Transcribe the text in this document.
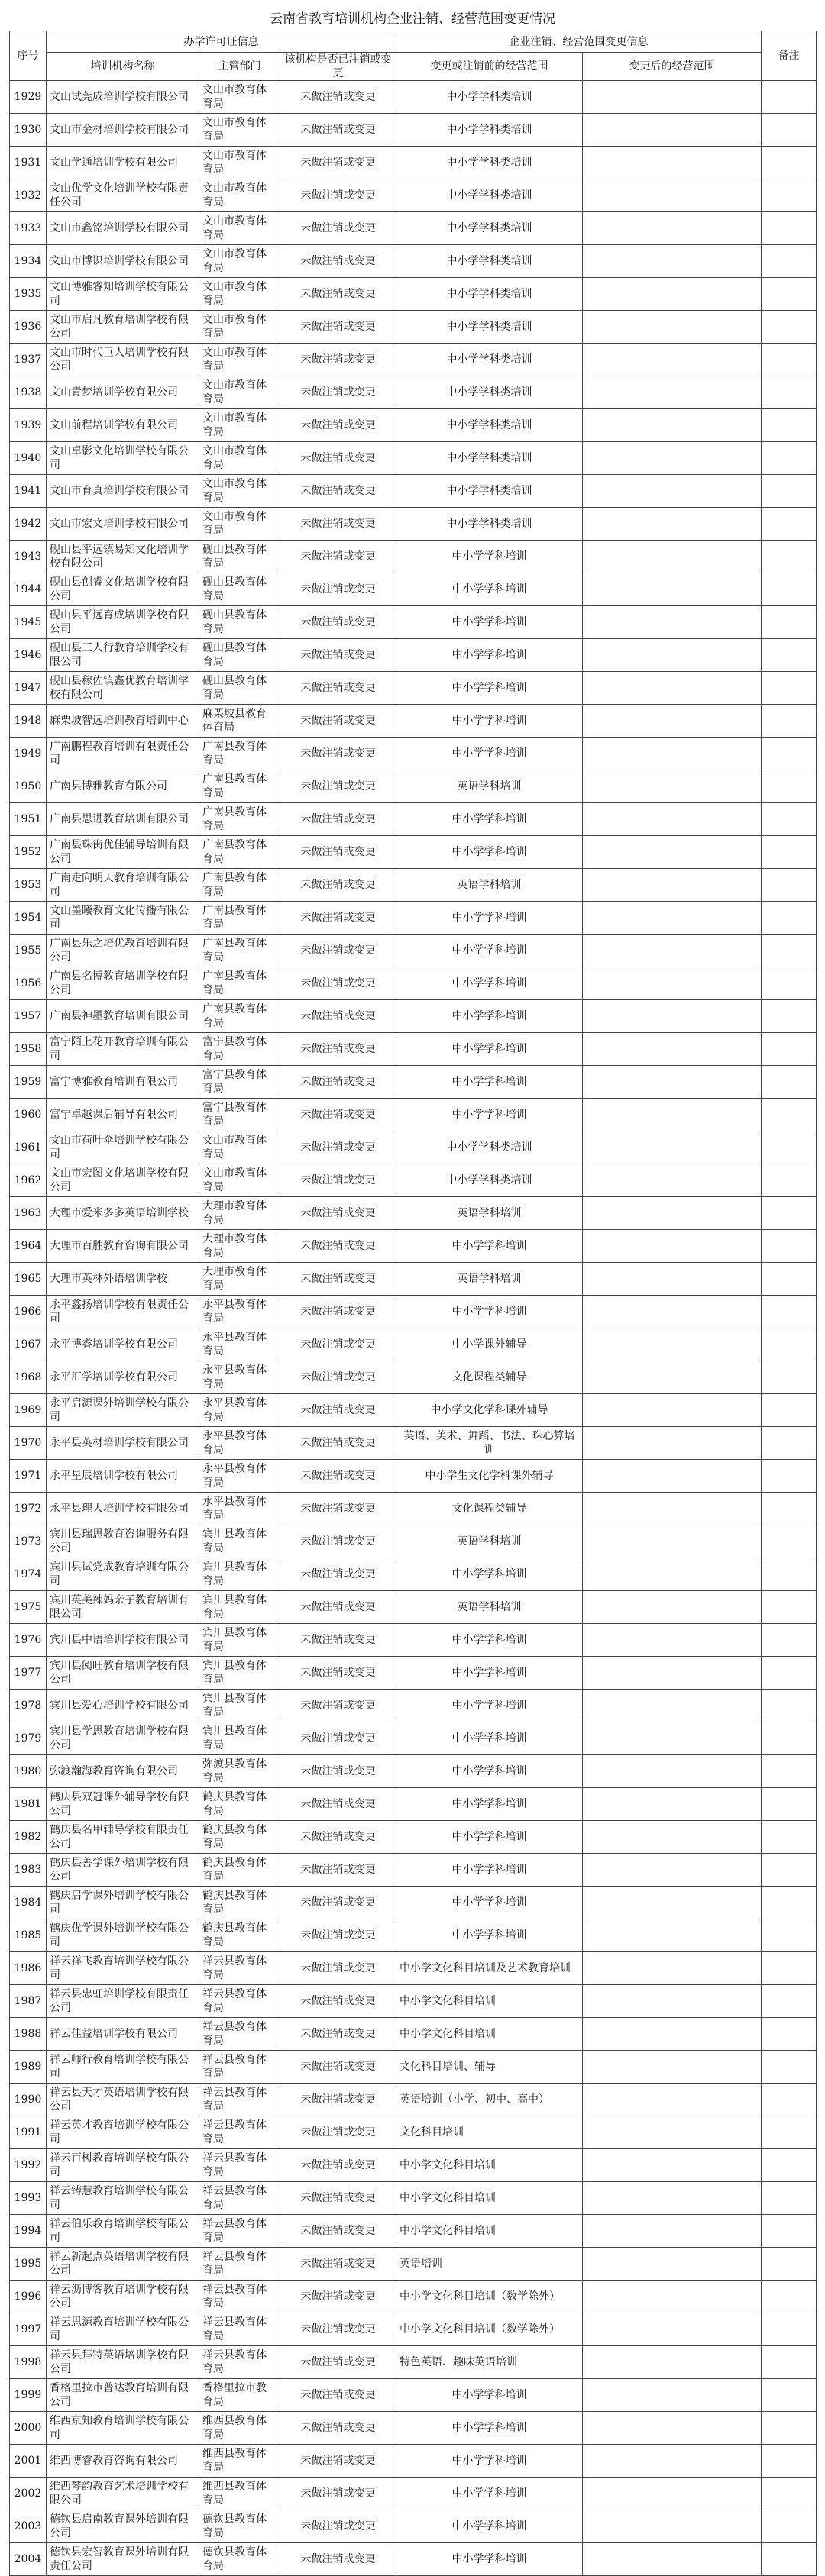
云南省教育培训机构企业注销、经营范围变更情况
序号	办学许可证信息			企业注销、经营范围变更信息		备注
	培训机构名称	主管部门	该机构是否已注销或变更	变更或注销前的经营范围	变更后的经营范围	
1929	文山试莞成培训学校有限公司	文山市教育体育局	未做注销或变更	中小学学科类培训		
1930	文山市金材培训学校有限公司	文山市教育体育局	未做注销或变更	中小学学科类培训		
1931	文山学通培训学校有限公司	文山市教育体育局	未做注销或变更	中小学学科类培训		
1932	文山优学文化培训学校有限责任公司	文山市教育体育局	未做注销或变更	中小学学科类培训		
1933	文山市鑫铭培训学校有限公司	文山市教育体育局	未做注销或变更	中小学学科类培训		
1934	文山市博识培训学校有限公司	文山市教育体育局	未做注销或变更	中小学学科类培训		
1935	文山博雅睿知培训学校有限公司	文山市教育体育局	未做注销或变更	中小学学科类培训		
1936	文山市启凡教育培训学校有限公司	文山市教育体育局	未做注销或变更	中小学学科类培训		
1937	文山市时代巨人培训学校有限公司	文山市教育体育局	未做注销或变更	中小学学科类培训		
1938	文山青梦培训学校有限公司	文山市教育体育局	未做注销或变更	中小学学科类培训		
1939	文山前程培训学校有限公司	文山市教育体育局	未做注销或变更	中小学学科类培训		
1940	文山卓影文化培训学校有限公司	文山市教育体育局	未做注销或变更	中小学学科类培训		
1941	文山市育真培训学校有限公司	文山市教育体育局	未做注销或变更	中小学学科类培训		
1942	文山市宏文培训学校有限公司	文山市教育体育局	未做注销或变更	中小学学科类培训		
1943	砚山县平远镇易知文化培训学校有限公司	砚山县教育体育局	未做注销或变更	中小学学科培训		
1944	砚山县创睿文化培训学校有限公司	砚山县教育体育局	未做注销或变更	中小学学科培训		
1945	砚山县平远育成培训学校有限公司	砚山县教育体育局	未做注销或变更	中小学学科培训		
1946	砚山县三人行教育培训学校有限公司	砚山县教育体育局	未做注销或变更	中小学学科培训		
1947	砚山县稼佐镇鑫优教育培训学校有限公司	砚山县教育体育局	未做注销或变更	中小学学科培训		
1948	麻栗坡智远培训教育培训中心	麻栗坡县教育体育局	未做注销或变更	中小学学科培训		
1949	广南鹏程教育培训有限责任公司	广南县教育体育局	未做注销或变更	中小学学科培训		
1950	广南县博雅教育有限公司	广南县教育体育局	未做注销或变更	英语学科培训		
1951	广南县思进教育培训有限公司	广南县教育体育局	未做注销或变更	中小学学科培训		
1952	广南县珠街优佳辅导培训有限公司	广南县教育体育局	未做注销或变更	中小学学科培训		
1953	广南走向明天教育培训有限公司	广南县教育体育局	未做注销或变更	英语学科培训		
1954	文山墨曦教育文化传播有限公司	广南县教育体育局	未做注销或变更	中小学学科培训		
1955	广南县乐之培优教育培训有限公司	广南县教育体育局	未做注销或变更	中小学学科培训		
1956	广南县名博教育培训学校有限公司	广南县教育体育局	未做注销或变更	中小学学科培训		
1957	广南县神墨教育培训有限公司	广南县教育体育局	未做注销或变更	中小学学科培训		
1958	富宁陌上花开教育培训有限公司	富宁县教育体育局	未做注销或变更	中小学学科培训		
1959	富宁博雅教育培训有限公司	富宁县教育体育局	未做注销或变更	中小学学科培训		
1960	富宁卓越课后辅导有限公司	富宁县教育体育局	未做注销或变更	中小学学科培训		
1961	文山市荷叶伞培训学校有限公司	文山市教育体育局	未做注销或变更	中小学学科类培训		
1962	文山市宏图文化培训学校有限公司	文山市教育体育局	未做注销或变更	中小学学科类培训		
1963	大理市爱米多多英语培训学校	大理市教育体育局	未做注销或变更	英语学科培训		
1964	大理市百胜教育咨询有限公司	大理市教育体育局	未做注销或变更	中小学学科培训		
1965	大理市英林外语培训学校	大理市教育体育局	未做注销或变更	英语学科培训		
1966	永平鑫扬培训学校有限责任公司	永平县教育体育局	未做注销或变更	中小学学科培训		
1967	永平博睿培训学校有限公司	永平县教育体育局	未做注销或变更	中小学课外辅导		
1968	永平汇学培训学校有限公司	永平县教育体育局	未做注销或变更	文化课程类辅导		
1969	永平启源课外培训学校有限公司	永平县教育体育局	未做注销或变更	中小学文化学科课外辅导		
1970	永平县英材培训学校有限公司	永平县教育体育局	未做注销或变更	英语、美术、舞蹈、书法、珠心算培训		
1971	永平星辰培训学校有限公司	永平县教育体育局	未做注销或变更	中小学生文化学科课外辅导		
1972	永平县理大培训学校有限公司	永平县教育体育局	未做注销或变更	文化课程类辅导		
1973	宾川县瑞思教育咨询服务有限公司	宾川县教育体育局	未做注销或变更	英语学科培训		
1974	宾川县试党成教育培训有限公司	宾川县教育体育局	未做注销或变更	中小学学科培训		
1975	宾川英美辣妈亲子教育培训有限公司	宾川县教育体育局	未做注销或变更	英语学科培训		
1976	宾川县中语培训学校有限公司	宾川县教育体育局	未做注销或变更	中小学学科培训		
1977	宾川县阅旺教育培训学校有限公司	宾川县教育体育局	未做注销或变更	中小学学科培训		
1978	宾川县爱心培训学校有限公司	宾川县教育体育局	未做注销或变更	中小学学科培训		
1979	宾川县学思教育培训学校有限公司	宾川县教育体育局	未做注销或变更	中小学学科培训		
1980	弥渡瀚海教育咨询有限公司	弥渡县教育体育局	未做注销或变更	中小学学科培训		
1981	鹤庆县双冠课外辅导学校有限公司	鹤庆县教育体育局	未做注销或变更	中小学学科培训		
1982	鹤庆县名甲辅导学校有限责任公司	鹤庆县教育体育局	未做注销或变更	中小学学科培训		
1983	鹤庆县善学课外培训学校有限公司	鹤庆县教育体育局	未做注销或变更	中小学学科培训		
1984	鹤庆启学课外培训学校有限公司	鹤庆县教育体育局	未做注销或变更	中小学学科培训		
1985	鹤庆优学课外培训学校有限公司	鹤庆县教育体育局	未做注销或变更	中小学学科培训		
1986	祥云祥飞教育培训学校有限公司	祥云县教育体育局	未做注销或变更	中小学文化科目培训及艺术教育培训		
1987	祥云县忠虹培训学校有限责任公司	祥云县教育体育局	未做注销或变更	中小学文化科目培训		
1988	祥云佳益培训学校有限公司	祥云县教育体育局	未做注销或变更	中小学文化科目培训		
1989	祥云师行教育培训学校有限公司	祥云县教育体育局	未做注销或变更	文化科目培训、辅导		
1990	祥云县天才英语培训学校有限公司	祥云县教育体育局	未做注销或变更	英语培训（小学、初中、高中）		
1991	祥云英才教育培训学校有限公司	祥云县教育体育局	未做注销或变更	文化科目培训		
1992	祥云百树教育培训学校有限公司	祥云县教育体育局	未做注销或变更	中小学文化科目培训		
1993	祥云铸慧教育培训学校有限公司	祥云县教育体育局	未做注销或变更	中小学文化科目培训		
1994	祥云伯乐教育培训学校有限公司	祥云县教育体育局	未做注销或变更	中小学文化科目培训		
1995	祥云新起点英语培训学校有限公司	祥云县教育体育局	未做注销或变更	英语培训		
1996	祥云沥博客教育培训学校有限公司	祥云县教育体育局	未做注销或变更	中小学文化科目培训（数学除外）		
1997	祥云思源教育培训学校有限公司	祥云县教育体育局	未做注销或变更	中小学文化科目培训（数学除外）		
1998	祥云县拜特英语培训学校有限公司	祥云县教育体育局	未做注销或变更	特色英语、趣味英语培训		
1999	香格里拉市普达教育培训有限公司	香格里拉市教育局	未做注销或变更	中小学学科培训		
2000	维西京知教育培训学校有限公司	维西县教育体育局	未做注销或变更	中小学学科培训		
2001	维西博睿教育咨询有限公司	维西县教育体育局	未做注销或变更	中小学学科培训		
2002	维西琴韵教育艺术培训学校有限公司	维西县教育体育局	未做注销或变更	中小学学科培训		
2003	德钦县启南教育课外培训有限公司	德钦县教育体育局	未做注销或变更	中小学学科培训		
2004	德钦县宏智教育课外培训有限责任公司	德钦县教育体育局	未做注销或变更	中小学学科培训		
